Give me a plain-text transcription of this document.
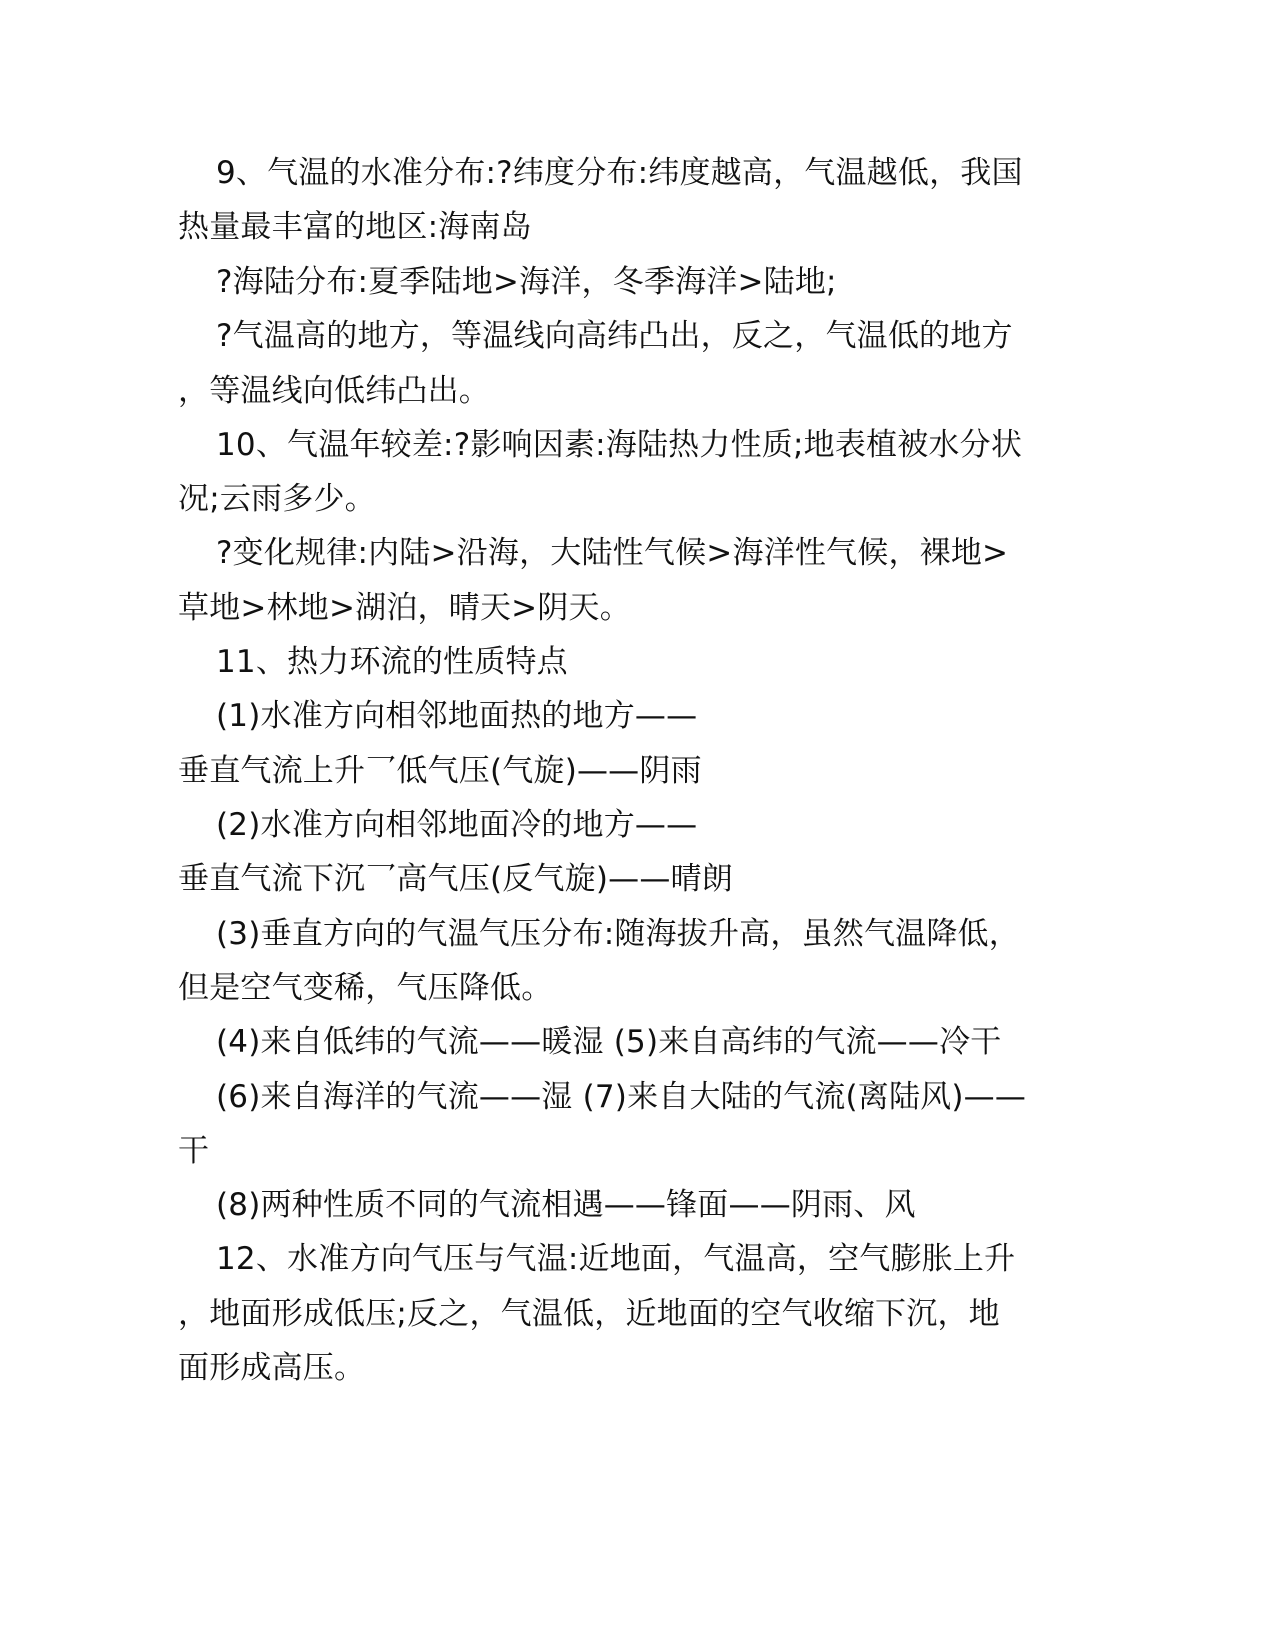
9、气温的水准分布:?纬度分布:纬度越高，气温越低，我国
热量最丰富的地区:海南岛
?海陆分布:夏季陆地>海洋，冬季海洋>陆地;
?气温高的地方，等温线向高纬凸出，反之，气温低的地方
，等温线向低纬凸出。
10、气温年较差:?影响因素:海陆热力性质;地表植被水分状
况;云雨多少。
?变化规律:内陆>沿海，大陆性气候>海洋性气候，裸地>
草地>林地>湖泊，晴天>阴天。
11、热力环流的性质特点
(1)水准方向相邻地面热的地方——
垂直气流上升乛低气压(气旋)——阴雨
(2)水准方向相邻地面冷的地方——
垂直气流下沉乛高气压(反气旋)——晴朗
(3)垂直方向的气温气压分布:随海拔升高，虽然气温降低，
但是空气变稀，气压降低。
(4)来自低纬的气流——暖湿 (5)来自高纬的气流——冷干
(6)来自海洋的气流——湿 (7)来自大陆的气流(离陆风)——
干
(8)两种性质不同的气流相遇——锋面——阴雨、风
12、水准方向气压与气温:近地面，气温高，空气膨胀上升
，地面形成低压;反之，气温低，近地面的空气收缩下沉，地
面形成高压。
